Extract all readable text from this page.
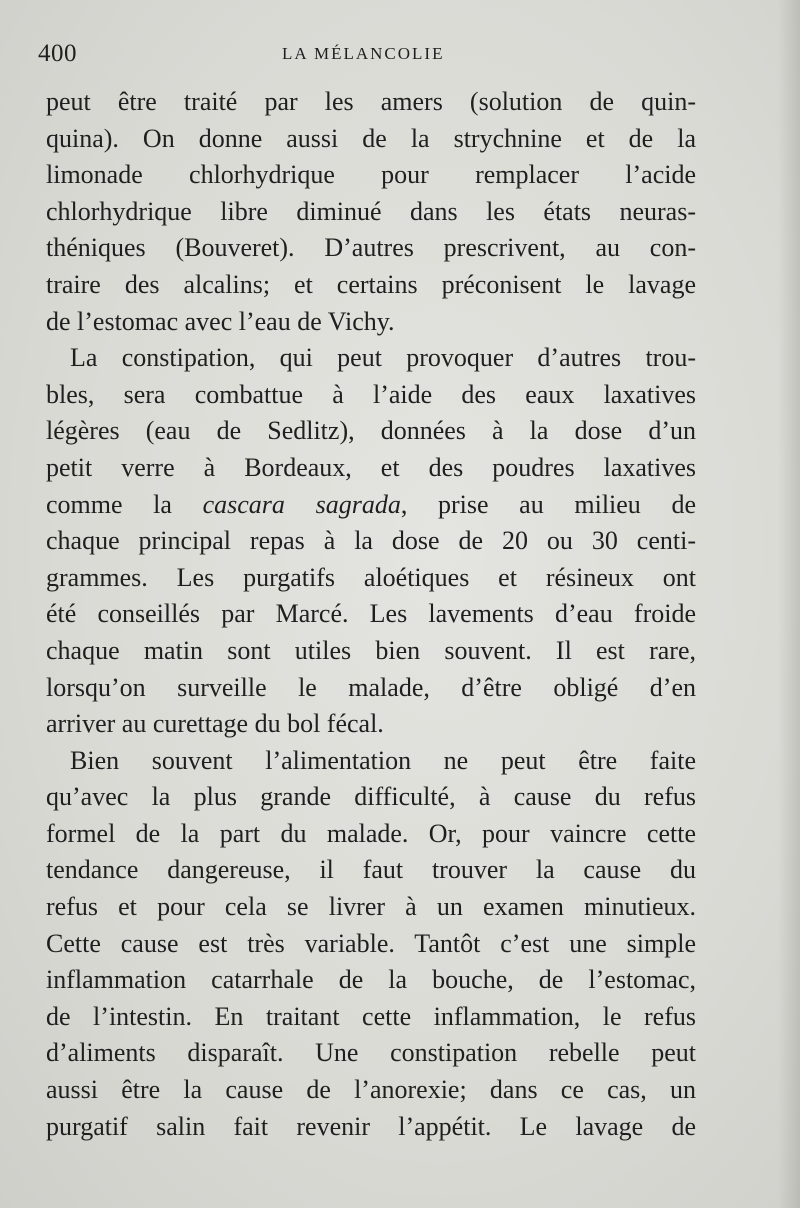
400	LA MÉLANCOLIE
peut être traité par les amers (solution de quin-
quina). On donne aussi de la strychnine et de la
limonade chlorhydrique pour remplacer l’acide
chlorhydrique libre diminué dans les états neuras-
théniques (Bouveret). D’autres prescrivent, au con-
traire des alcalins; et certains préconisent le lavage
de l’estomac avec l’eau de Vichy.
La constipation, qui peut provoquer d’autres trou-
bles, sera combattue à l’aide des eaux laxatives
légères (eau de Sedlitz), données à la dose d’un
petit verre à Bordeaux, et des poudres laxatives
comme la cascara sagrada, prise au milieu de
chaque principal repas à la dose de 20 ou 30 centi-
grammes. Les purgatifs aloétiques et résineux ont
été conseillés par Marcé. Les lavements d’eau froide
chaque matin sont utiles bien souvent. Il est rare,
lorsqu’on surveille le malade, d’être obligé d’en
arriver au curettage du bol fécal.
Bien souvent l’alimentation ne peut être faite
qu’avec la plus grande difficulté, à cause du refus
formel de la part du malade. Or, pour vaincre cette
tendance dangereuse, il faut trouver la cause du
refus et pour cela se livrer à un examen minutieux.
Cette cause est très variable. Tantôt c’est une simple
inflammation catarrhale de la bouche, de l’estomac,
de l’intestin. En traitant cette inflammation, le refus
d’aliments disparaît. Une constipation rebelle peut
aussi être la cause de l’anorexie; dans ce cas, un
purgatif salin fait revenir l’appétit. Le lavage de
